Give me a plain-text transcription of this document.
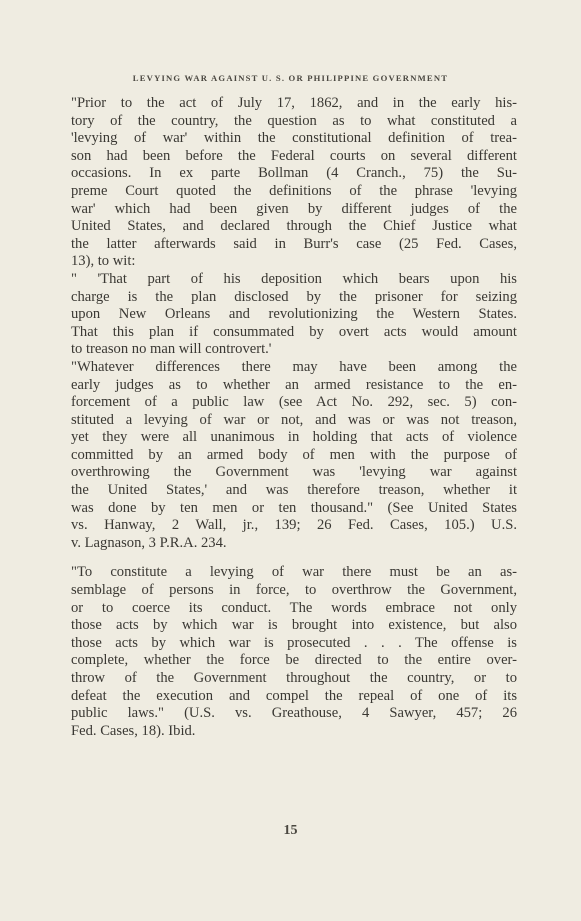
LEVYING WAR AGAINST U. S. OR PHILIPPINE GOVERNMENT

"Prior to the act of July 17, 1862, and in the early his-
tory of the country, the question as to what constituted a
'levying of war' within the constitutional definition of trea-
son had been before the Federal courts on several different
occasions. In ex parte Bollman (4 Cranch., 75) the Su-
preme Court quoted the definitions of the phrase 'levying
war' which had been given by different judges of the
United States, and declared through the Chief Justice what
the latter afterwards said in Burr's case (25 Fed. Cases,
13), to wit:

" 'That part of his deposition which bears upon his
charge is the plan disclosed by the prisoner for seizing
upon New Orleans and revolutionizing the Western States.
That this plan if consummated by overt acts would amount
to treason no man will controvert.'

"Whatever differences there may have been among the
early judges as to whether an armed resistance to the en-
forcement of a public law (see Act No. 292, sec. 5) con-
stituted a levying of war or not, and was or was not treason,
yet they were all unanimous in holding that acts of violence
committed by an armed body of men with the purpose of
overthrowing the Government was 'levying war against
the United States,' and was therefore treason, whether it
was done by ten men or ten thousand." (See United States
vs. Hanway, 2 Wall, jr., 139; 26 Fed. Cases, 105.) U.S.
v. Lagnason, 3 P.R.A. 234.

"To constitute a levying of war there must be an as-
semblage of persons in force, to overthrow the Government,
or to coerce its conduct. The words embrace not only
those acts by which war is brought into existence, but also
those acts by which war is prosecuted . . . The offense is
complete, whether the force be directed to the entire over-
throw of the Government throughout the country, or to
defeat the execution and compel the repeal of one of its
public laws." (U.S. vs. Greathouse, 4 Sawyer, 457; 26
Fed. Cases, 18). Ibid.

15
